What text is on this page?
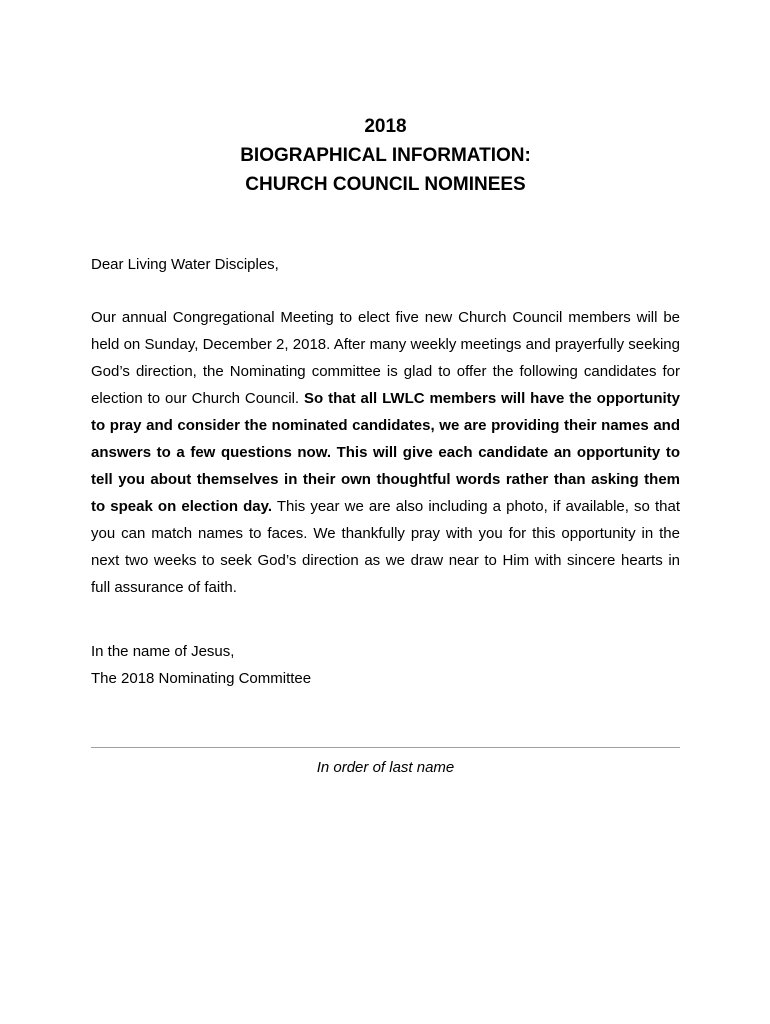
2018
BIOGRAPHICAL INFORMATION:
CHURCH COUNCIL NOMINEES

Dear Living Water Disciples,

Our annual Congregational Meeting to elect five new Church Council members will be held on Sunday, December 2, 2018. After many weekly meetings and prayerfully seeking God’s direction, the Nominating committee is glad to offer the following candidates for election to our Church Council. So that all LWLC members will have the opportunity to pray and consider the nominated candidates, we are providing their names and answers to a few questions now. This will give each candidate an opportunity to tell you about themselves in their own thoughtful words rather than asking them to speak on election day. This year we are also including a photo, if available, so that you can match names to faces. We thankfully pray with you for this opportunity in the next two weeks to seek God’s direction as we draw near to Him with sincere hearts in full assurance of faith.

In the name of Jesus,
The 2018 Nominating Committee

In order of last name
